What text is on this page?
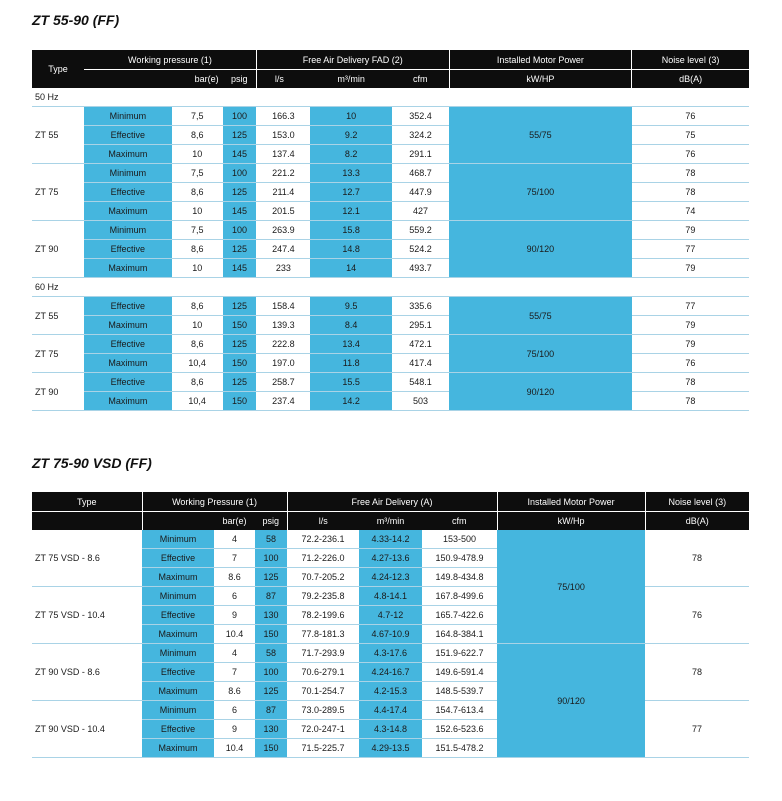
ZT 55-90 (FF)
Type	Working pressure (1)			Free Air Delivery FAD (2)			Installed Motor Power	Noise level (3)
		bar(e)	psig	l/s	m³/min	cfm	kW/HP	dB(A)
50 Hz								
ZT 55	Minimum	7,5	100	166.3	10	352.4	55/75	76
	Effective	8,6	125	153.0	9.2	324.2		75
	Maximum	10	145	137.4	8.2	291.1		76
ZT 75	Minimum	7,5	100	221.2	13.3	468.7	75/100	78
	Effective	8,6	125	211.4	12.7	447.9		78
	Maximum	10	145	201.5	12.1	427		74
ZT 90	Minimum	7,5	100	263.9	15.8	559.2	90/120	79
	Effective	8,6	125	247.4	14.8	524.2		77
	Maximum	10	145	233	14	493.7		79
60 Hz								
ZT 55	Effective	8,6	125	158.4	9.5	335.6	55/75	77
	Maximum	10	150	139.3	8.4	295.1		79
ZT 75	Effective	8,6	125	222.8	13.4	472.1	75/100	79
	Maximum	10,4	150	197.0	11.8	417.4		76
ZT 90	Effective	8,6	125	258.7	15.5	548.1	90/120	78
	Maximum	10,4	150	237.4	14.2	503		78
ZT 75-90 VSD (FF)
Type	Working Pressure (1)			Free Air Delivery (A)			Installed Motor Power	Noise level (3)
		bar(e)	psig	l/s	m³/min	cfm	kW/Hp	dB(A)
ZT 75 VSD - 8.6	Minimum	4	58	72.2-236.1	4.33-14.2	153-500	75/100	78
	Effective	7	100	71.2-226.0	4.27-13.6	150.9-478.9		
	Maximum	8.6	125	70.7-205.2	4.24-12.3	149.8-434.8		
ZT 75 VSD - 10.4	Minimum	6	87	79.2-235.8	4.8-14.1	167.8-499.6		76
	Effective	9	130	78.2-199.6	4.7-12	165.7-422.6		
	Maximum	10.4	150	77.8-181.3	4.67-10.9	164.8-384.1		
ZT 90 VSD - 8.6	Minimum	4	58	71.7-293.9	4.3-17.6	151.9-622.7	90/120	78
	Effective	7	100	70.6-279.1	4.24-16.7	149.6-591.4		
	Maximum	8.6	125	70.1-254.7	4.2-15.3	148.5-539.7		
ZT 90 VSD - 10.4	Minimum	6	87	73.0-289.5	4.4-17.4	154.7-613.4		77
	Effective	9	130	72.0-247-1	4.3-14.8	152.6-523.6		
	Maximum	10.4	150	71.5-225.7	4.29-13.5	151.5-478.2		
